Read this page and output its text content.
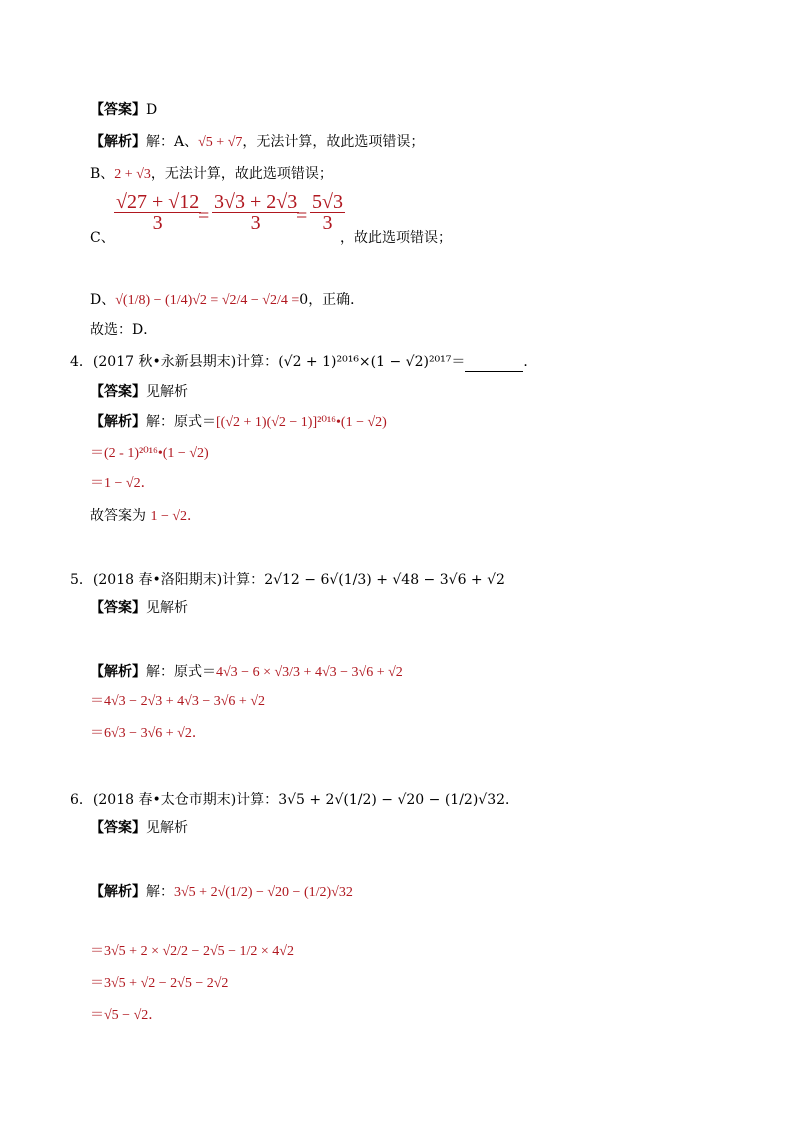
【答案】D
【解析】解：A、√5 + √7，无法计算，故此选项错误；
B、2 + √3，无法计算，故此选项错误；
C、
$\frac{√27 + √12}{3}$
= $\frac{3√3 + 2√3}{3}$
= $\frac{5√3}{3}$
，故此选项错误；
D、√(1/8) − (1/4)√2 = √2/4 − √2/4 =0，正确．
故选：D．
4．(2017 秋•永新县期末)计算：(√2 + 1)²⁰¹⁶×(1 − √2)²⁰¹⁷＝	．
【答案】见解析
【解析】解：原式＝[(√2 + 1)(√2 − 1)]²⁰¹⁶•(1 − √2)
＝(2 - 1)²⁰¹⁶•(1 − √2)
＝1 − √2．
故答案为 1 − √2．
5．(2018 春•洛阳期末)计算：2√12 − 6√(1/3) + √48 − 3√6 + √2
【答案】见解析
【解析】解：原式＝4√3 − 6 × √3/3 + 4√3 − 3√6 + √2
＝4√3 − 2√3 + 4√3 − 3√6 + √2
＝6√3 − 3√6 + √2．
6．(2018 春•太仓市期末)计算：3√5 + 2√(1/2) − √20 − (1/2)√32．
【答案】见解析
【解析】解：3√5 + 2√(1/2) − √20 − (1/2)√32
＝3√5 + 2 × √2/2 − 2√5 − 1/2 × 4√2
＝3√5 + √2 − 2√5 − 2√2
＝√5 − √2．
